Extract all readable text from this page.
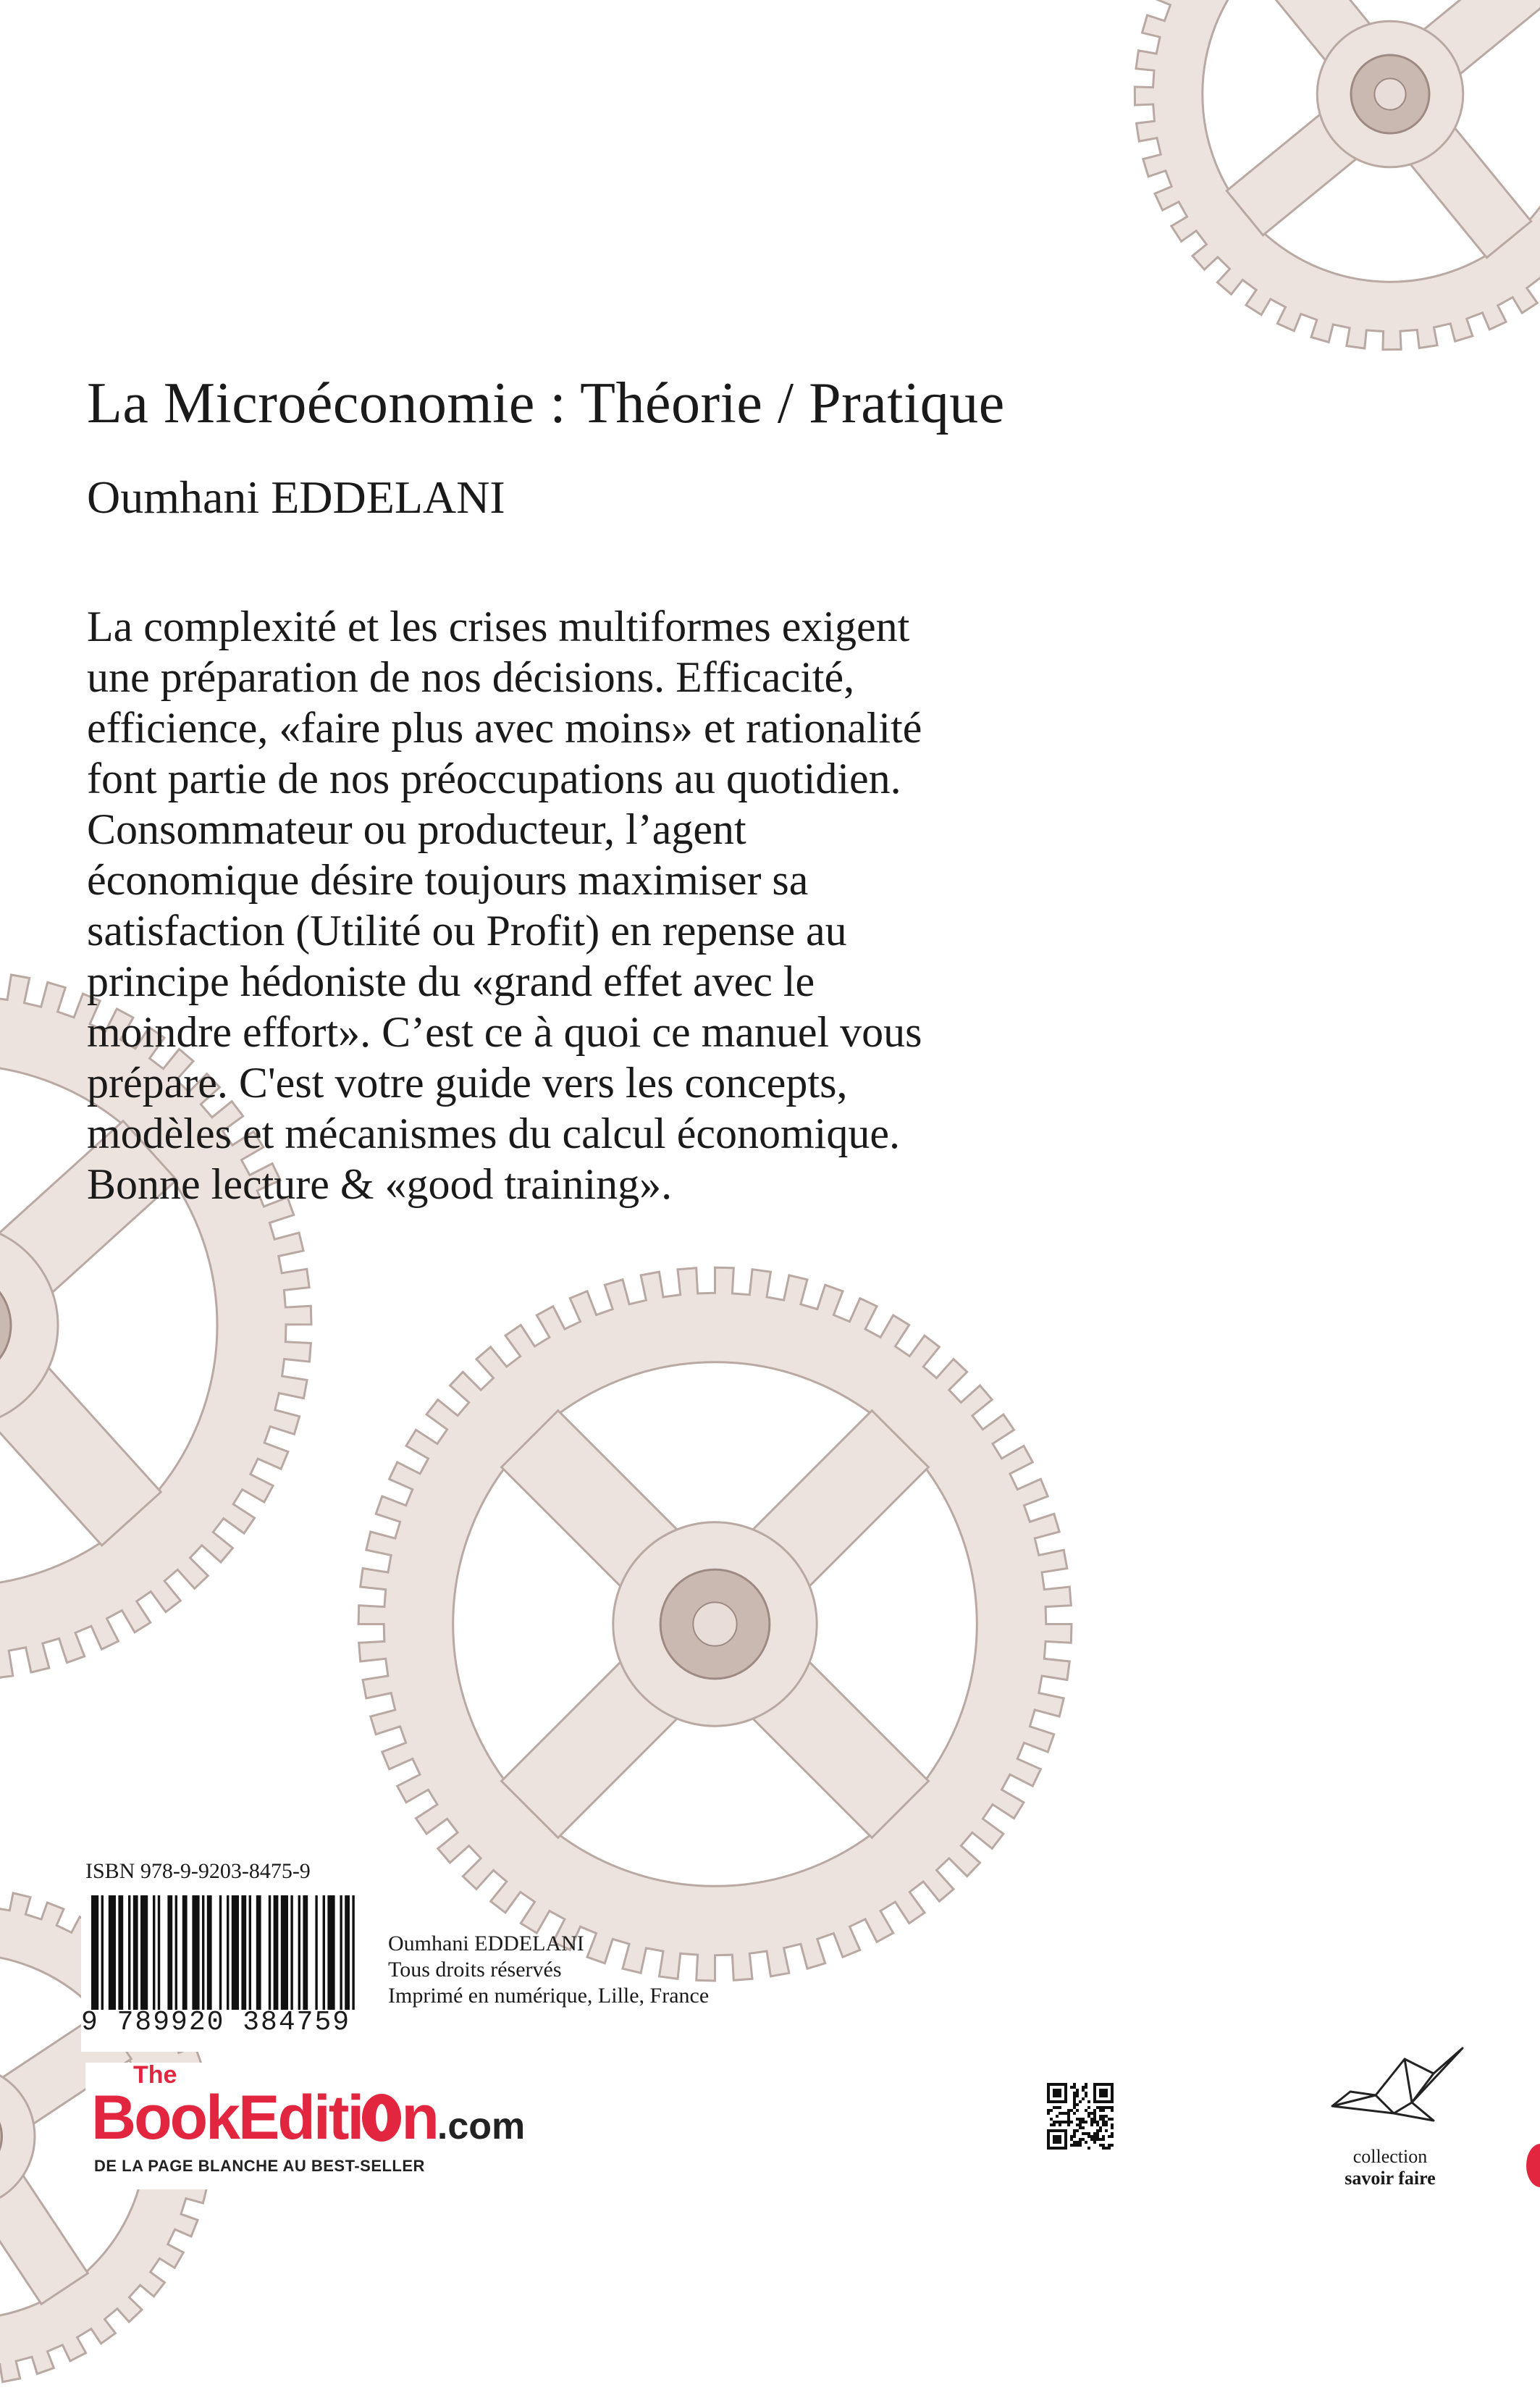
La Microéconomie : Théorie / Pratique
Oumhani EDDELANI
La complexité et les crises multiformes exigent
une préparation de nos décisions. Efficacité,
efficience, «faire plus avec moins» et rationalité
font partie de nos préoccupations au quotidien.
Consommateur ou producteur, l’agent
économique désire toujours maximiser sa
satisfaction (Utilité ou Profit) en repense au
principe hédoniste du «grand effet avec le
moindre effort». C’est ce à quoi ce manuel vous
prépare. C'est votre guide vers les concepts,
modèles et mécanismes du calcul économique.
Bonne lecture & «good training».
ISBN 978-9-9203-8475-9
9 789920 384759
Oumhani EDDELANI
Tous droits réservés
Imprimé en numérique, Lille, France
The
BookEditi n.com
DE LA PAGE BLANCHE AU BEST-SELLER	collection
savoir faire
